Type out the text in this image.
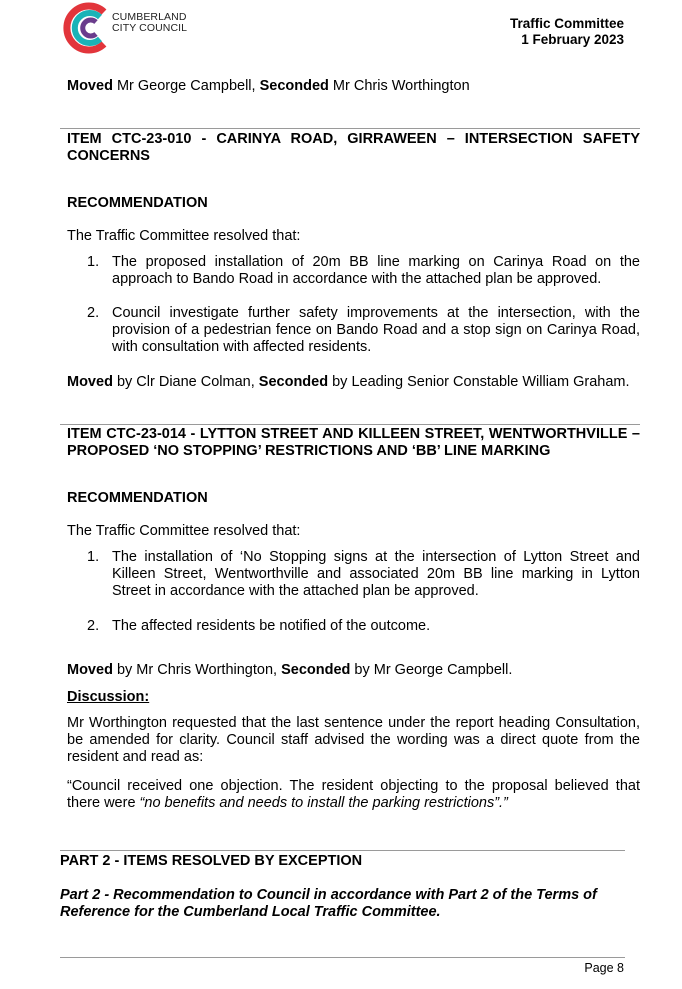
CUMBERLAND
CITY COUNCIL	Traffic Committee
1 February 2023
Moved Mr George Campbell, Seconded Mr Chris Worthington
ITEM CTC-23-010 - CARINYA ROAD, GIRRAWEEN – INTERSECTION SAFETY CONCERNS
RECOMMENDATION
The Traffic Committee resolved that:
1. The proposed installation of 20m BB line marking on Carinya Road on the approach to Bando Road in accordance with the attached plan be approved.
2. Council investigate further safety improvements at the intersection, with the provision of a pedestrian fence on Bando Road and a stop sign on Carinya Road, with consultation with affected residents.
Moved by Clr Diane Colman, Seconded by Leading Senior Constable William Graham.
ITEM CTC-23-014 - LYTTON STREET AND KILLEEN STREET, WENTWORTHVILLE – PROPOSED ‘NO STOPPING’ RESTRICTIONS AND ‘BB’ LINE MARKING
RECOMMENDATION
The Traffic Committee resolved that:
1. The installation of ‘No Stopping signs at the intersection of Lytton Street and Killeen Street, Wentworthville and associated 20m BB line marking in Lytton Street in accordance with the attached plan be approved.
2. The affected residents be notified of the outcome.
Moved by Mr Chris Worthington, Seconded by Mr George Campbell.
Discussion:
Mr Worthington requested that the last sentence under the report heading Consultation, be amended for clarity. Council staff advised the wording was a direct quote from the resident and read as:
“Council received one objection. The resident objecting to the proposal believed that there were “no benefits and needs to install the parking restrictions”.”
PART 2 - ITEMS RESOLVED BY EXCEPTION
Part 2 - Recommendation to Council in accordance with Part 2 of the Terms of Reference for the Cumberland Local Traffic Committee.
Page 8
